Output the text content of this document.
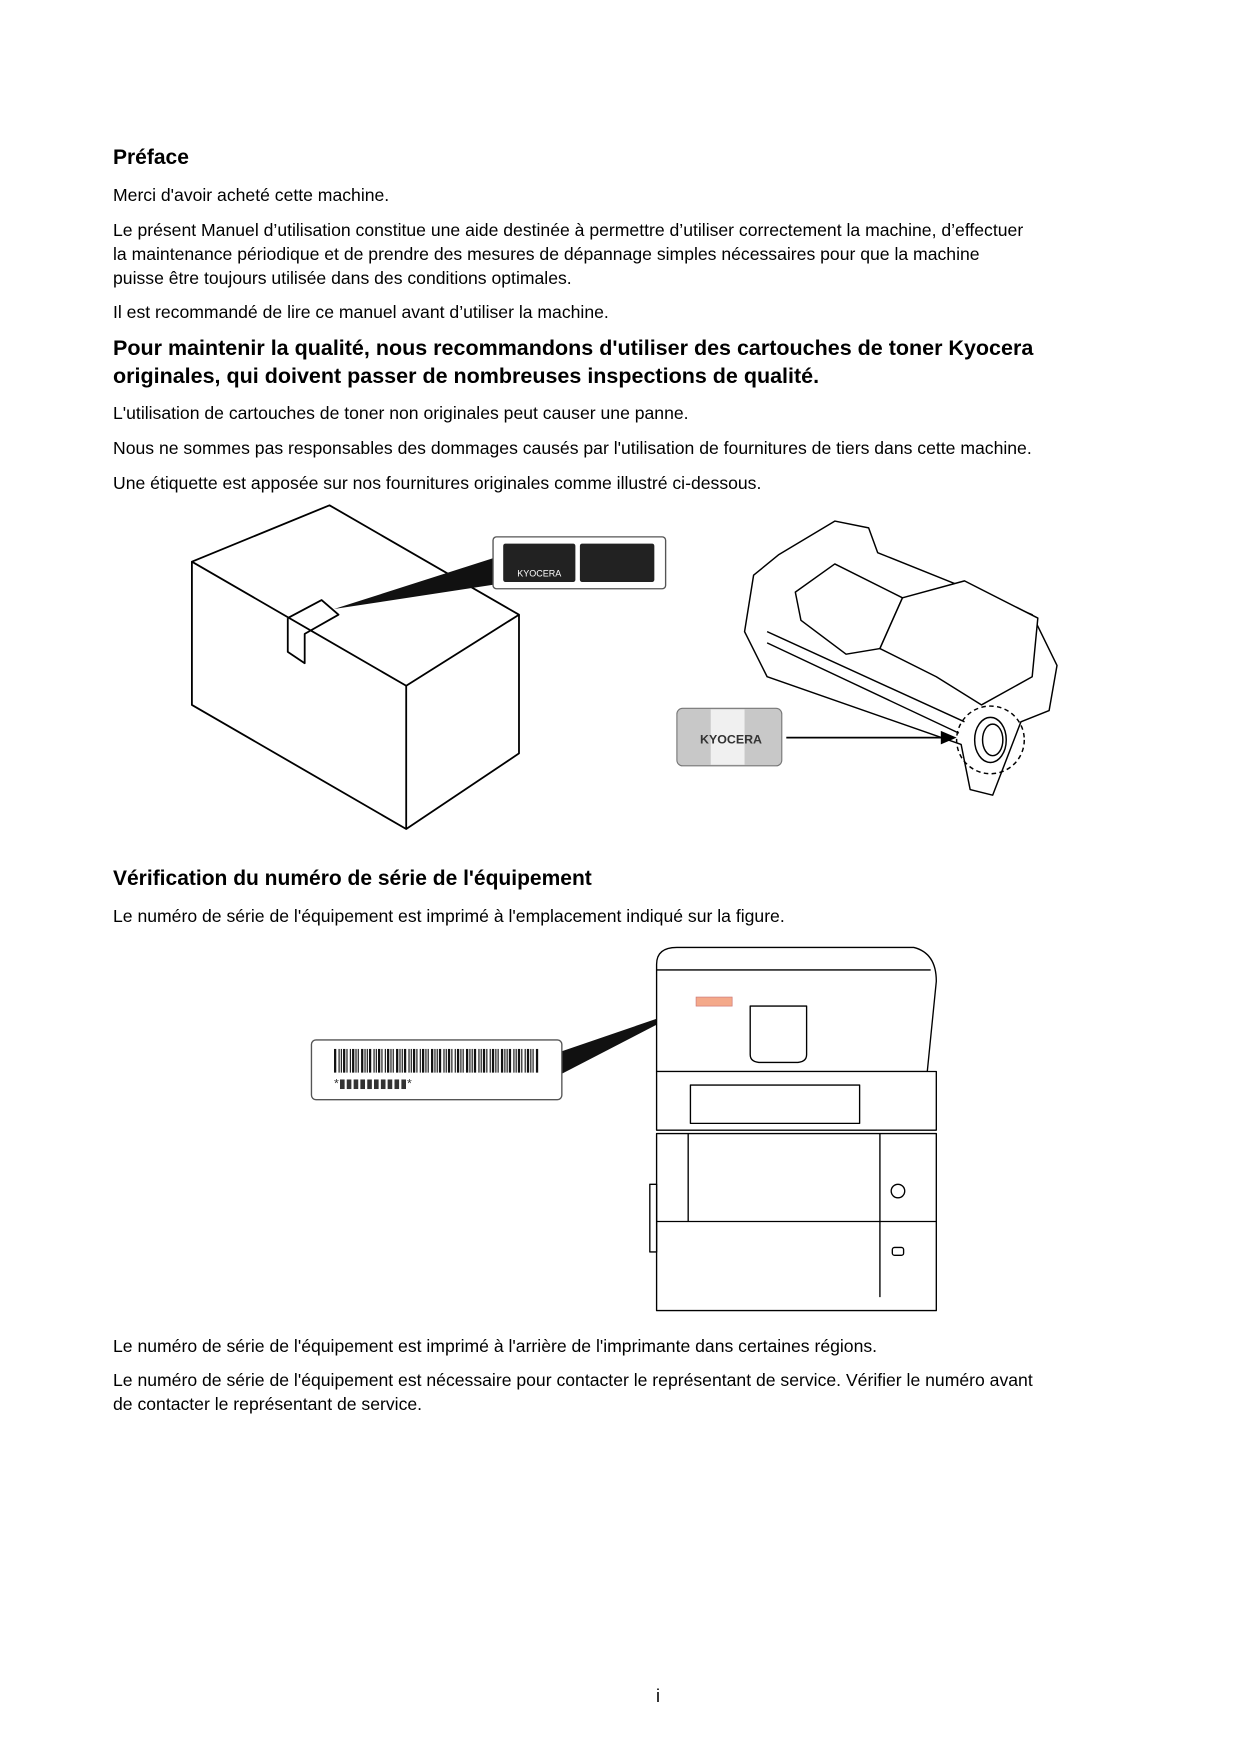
Préface
Merci d'avoir acheté cette machine.
Le présent Manuel d’utilisation constitue une aide destinée à permettre d’utiliser correctement la machine, d’effectuer
la maintenance périodique et de prendre des mesures de dépannage simples nécessaires pour que la machine
puisse être toujours utilisée dans des conditions optimales.
Il est recommandé de lire ce manuel avant d’utiliser la machine.
Pour maintenir la qualité, nous recommandons d'utiliser des cartouches de toner Kyocera
originales, qui doivent passer de nombreuses inspections de qualité.
L'utilisation de cartouches de toner non originales peut causer une panne.
Nous ne sommes pas responsables des dommages causés par l'utilisation de fournitures de tiers dans cette machine.
Une étiquette est apposée sur nos fournitures originales comme illustré ci-dessous.
KYOCERA
KYOCERA
*▮▮▮▮▮▮▮▮▮▮*
Vérification du numéro de série de l'équipement
Le numéro de série de l'équipement est imprimé à l'emplacement indiqué sur la figure.
Le numéro de série de l'équipement est imprimé à l'arrière de l'imprimante dans certaines régions.
Le numéro de série de l'équipement est nécessaire pour contacter le représentant de service. Vérifier le numéro avant
de contacter le représentant de service.
i
